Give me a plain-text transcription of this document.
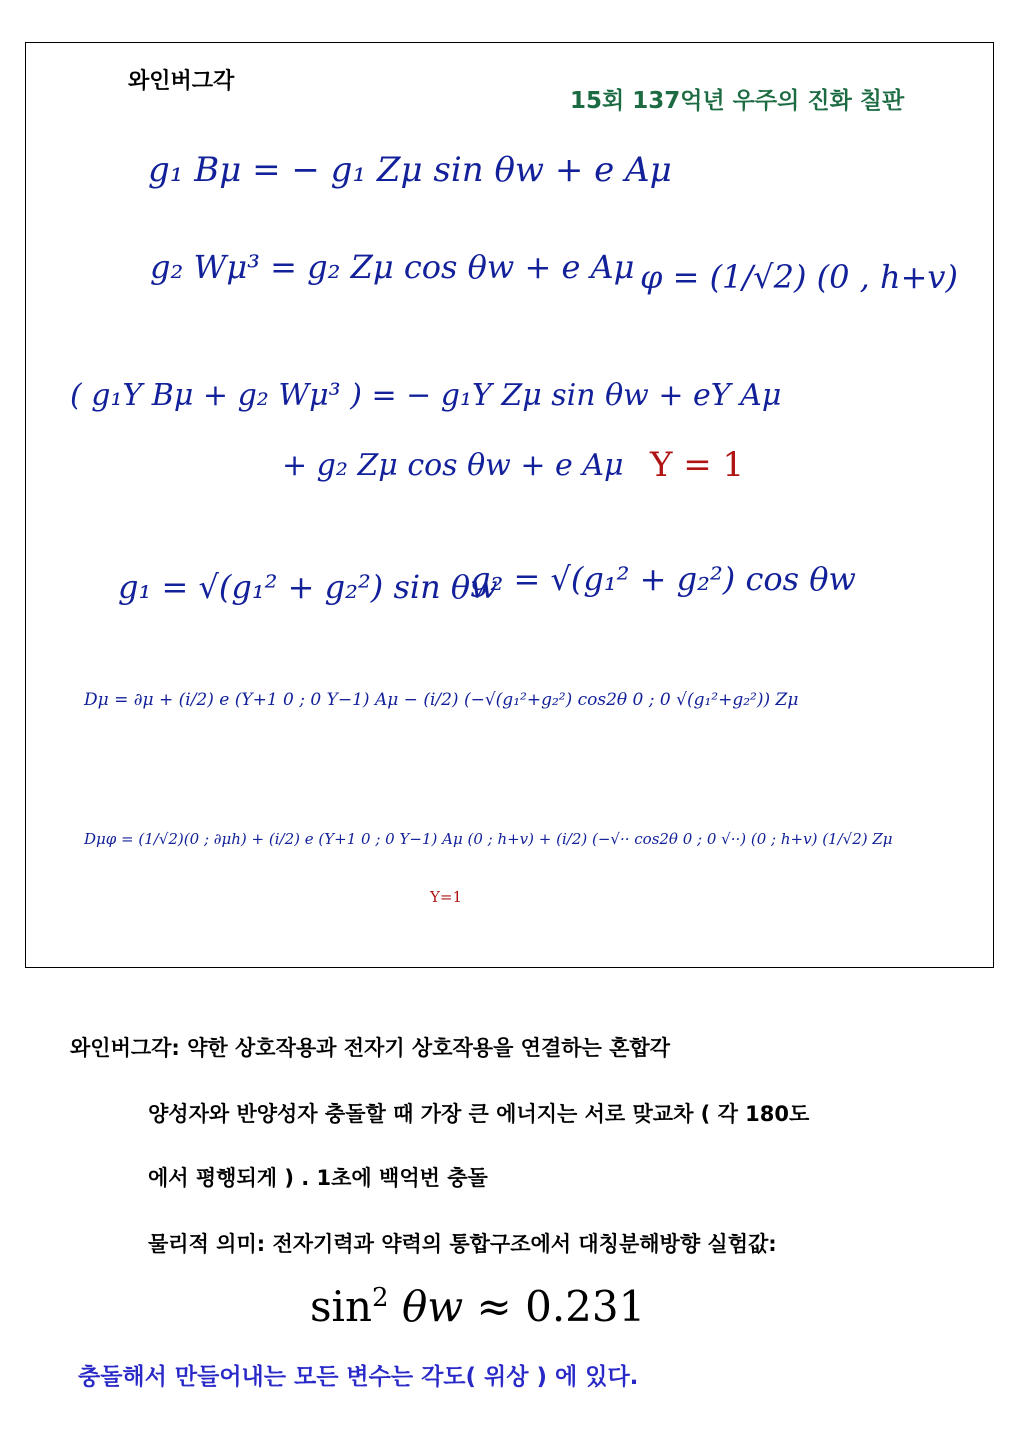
와인버그각
15회 137억년 우주의 진화 칠판
g₁ Bμ = − g₁ Zμ sin θw + e Aμ
g₂ Wμ³ = g₂ Zμ cos θw + e Aμ φ = (1/√2) (0 , h+v)
( g₁Y Bμ + g₂ Wμ³ ) = − g₁Y Zμ sin θw + eY Aμ
+ g₂ Zμ cos θw + e Aμ Y = 1
g₁ = √(g₁² + g₂²) sin θw
g₂ = √(g₁² + g₂²) cos θw
Dμ = ∂μ + (i/2) e (Y+1 0 ; 0 Y−1) Aμ − (i/2) (−√(g₁²+g₂²) cos2θ 0 ; 0 √(g₁²+g₂²)) Zμ
Dμφ = (1/√2)(0 ; ∂μh) + (i/2) e (Y+1 0 ; 0 Y−1) Aμ (0 ; h+v) + (i/2) (−√·· cos2θ 0 ; 0 √··) (0 ; h+v) (1/√2) Zμ
Y=1
와인버그각: 약한 상호작용과 전자기 상호작용을 연결하는 혼합각
양성자와 반양성자 충돌할 때 가장 큰 에너지는 서로 맞교차 ( 각 180도
에서 평행되게 ) . 1초에 백억번 충돌
물리적 의미: 전자기력과 약력의 통합구조에서 대칭분해방향 실험값:
$\sin^2 \theta w \approx 0.231$
충돌해서 만들어내는 모든 변수는 각도( 위상 ) 에 있다.
